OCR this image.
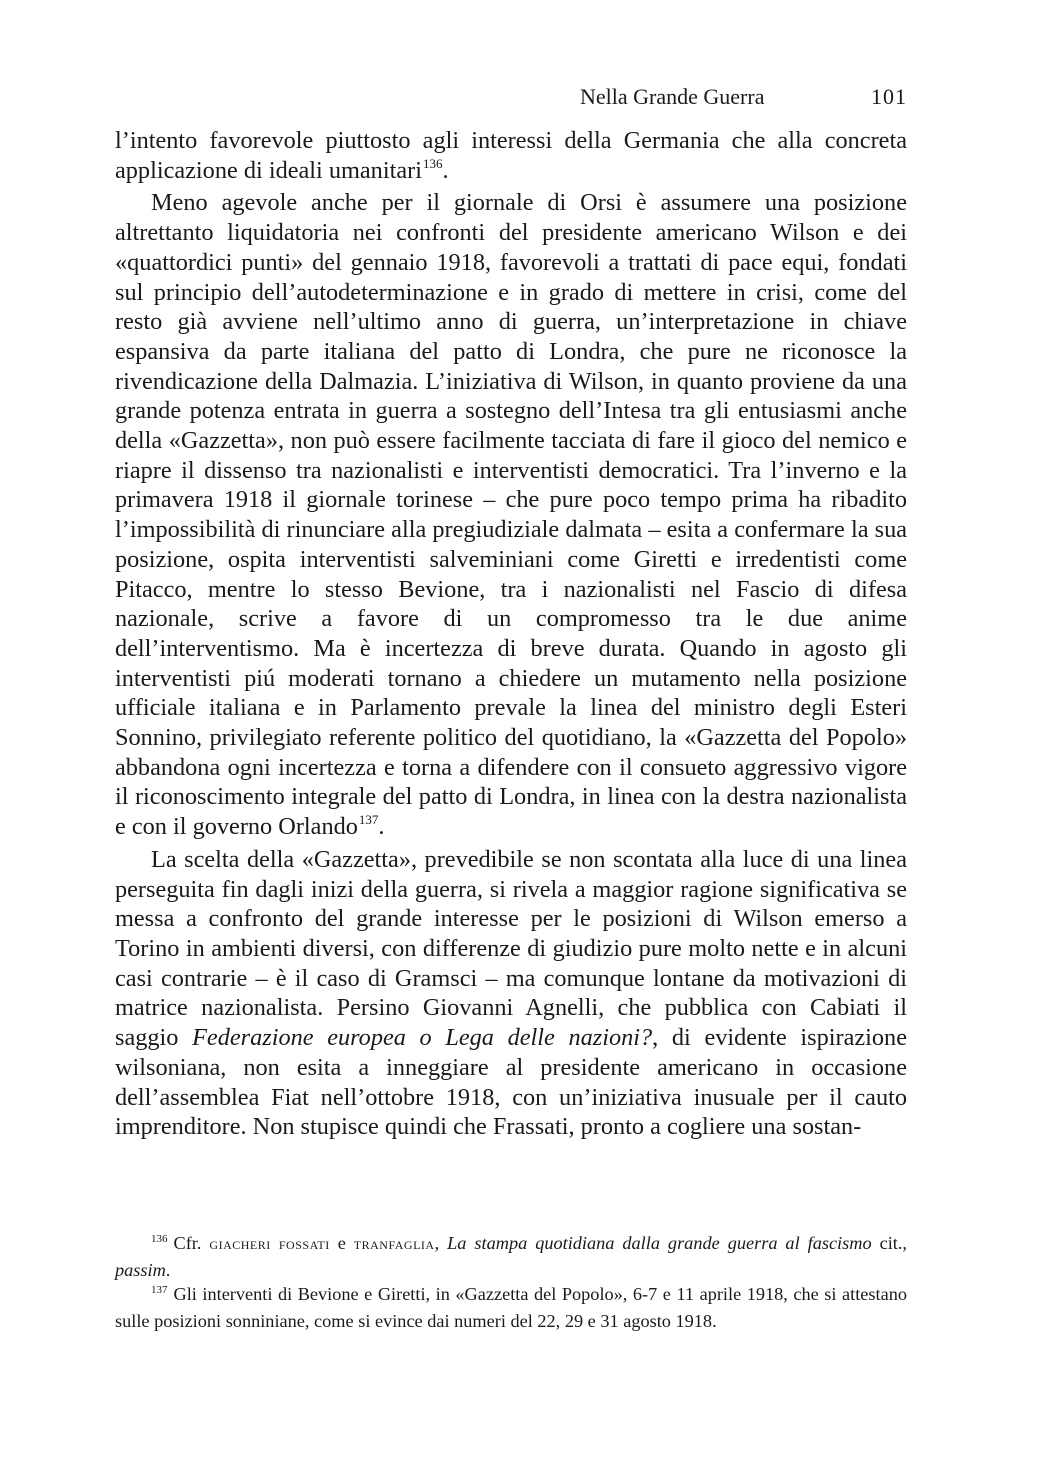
Nella Grande Guerra	101

l’intento favorevole piuttosto agli interessi della Germania che alla concreta applicazione di ideali umanitari$^{136}$.

Meno agevole anche per il giornale di Orsi è assumere una posizione altrettanto liquidatoria nei confronti del presidente americano Wilson e dei «quattordici punti» del gennaio 1918, favorevoli a trattati di pace equi, fondati sul principio dell’autodeterminazione e in grado di mettere in crisi, come del resto già avviene nell’ultimo anno di guerra, un’interpretazione in chiave espansiva da parte italiana del patto di Londra, che pure ne riconosce la rivendicazione della Dalmazia. L’iniziativa di Wilson, in quanto proviene da una grande potenza entrata in guerra a sostegno dell’Intesa tra gli entusiasmi anche della «Gazzetta», non può essere facilmente tacciata di fare il gioco del nemico e riapre il dissenso tra nazionalisti e interventisti democratici. Tra l’inverno e la primavera 1918 il giornale torinese – che pure poco tempo prima ha ribadito l’impossibilità di rinunciare alla pregiudiziale dalmata – esita a confermare la sua posizione, ospita interventisti salveminiani come Giretti e irredentisti come Pitacco, mentre lo stesso Bevione, tra i nazionalisti nel Fascio di difesa nazionale, scrive a favore di un compromesso tra le due anime dell’interventismo. Ma è incertezza di breve durata. Quando in agosto gli interventisti piú moderati tornano a chiedere un mutamento nella posizione ufficiale italiana e in Parlamento prevale la linea del ministro degli Esteri Sonnino, privilegiato referente politico del quotidiano, la «Gazzetta del Popolo» abbandona ogni incertezza e torna a difendere con il consueto aggressivo vigore il riconoscimento integrale del patto di Londra, in linea con la destra nazionalista e con il governo Orlando$^{137}$.

La scelta della «Gazzetta», prevedibile se non scontata alla luce di una linea perseguita fin dagli inizi della guerra, si rivela a maggior ragione significativa se messa a confronto del grande interesse per le posizioni di Wilson emerso a Torino in ambienti diversi, con differenze di giudizio pure molto nette e in alcuni casi contrarie – è il caso di Gramsci – ma comunque lontane da motivazioni di matrice nazionalista. Persino Giovanni Agnelli, che pubblica con Cabiati il saggio Federazione europea o Lega delle nazioni?, di evidente ispirazione wilsoniana, non esita a inneggiare al presidente americano in occasione dell’assemblea Fiat nell’ottobre 1918, con un’iniziativa inusuale per il cauto imprenditore. Non stupisce quindi che Frassati, pronto a cogliere una sostan-

$^{136}$ Cfr. giacheri fossati e tranfaglia, La stampa quotidiana dalla grande guerra al fascismo cit., passim.

$^{137}$ Gli interventi di Bevione e Giretti, in «Gazzetta del Popolo», 6-7 e 11 aprile 1918, che si attestano sulle posizioni sonniniane, come si evince dai numeri del 22, 29 e 31 agosto 1918.
